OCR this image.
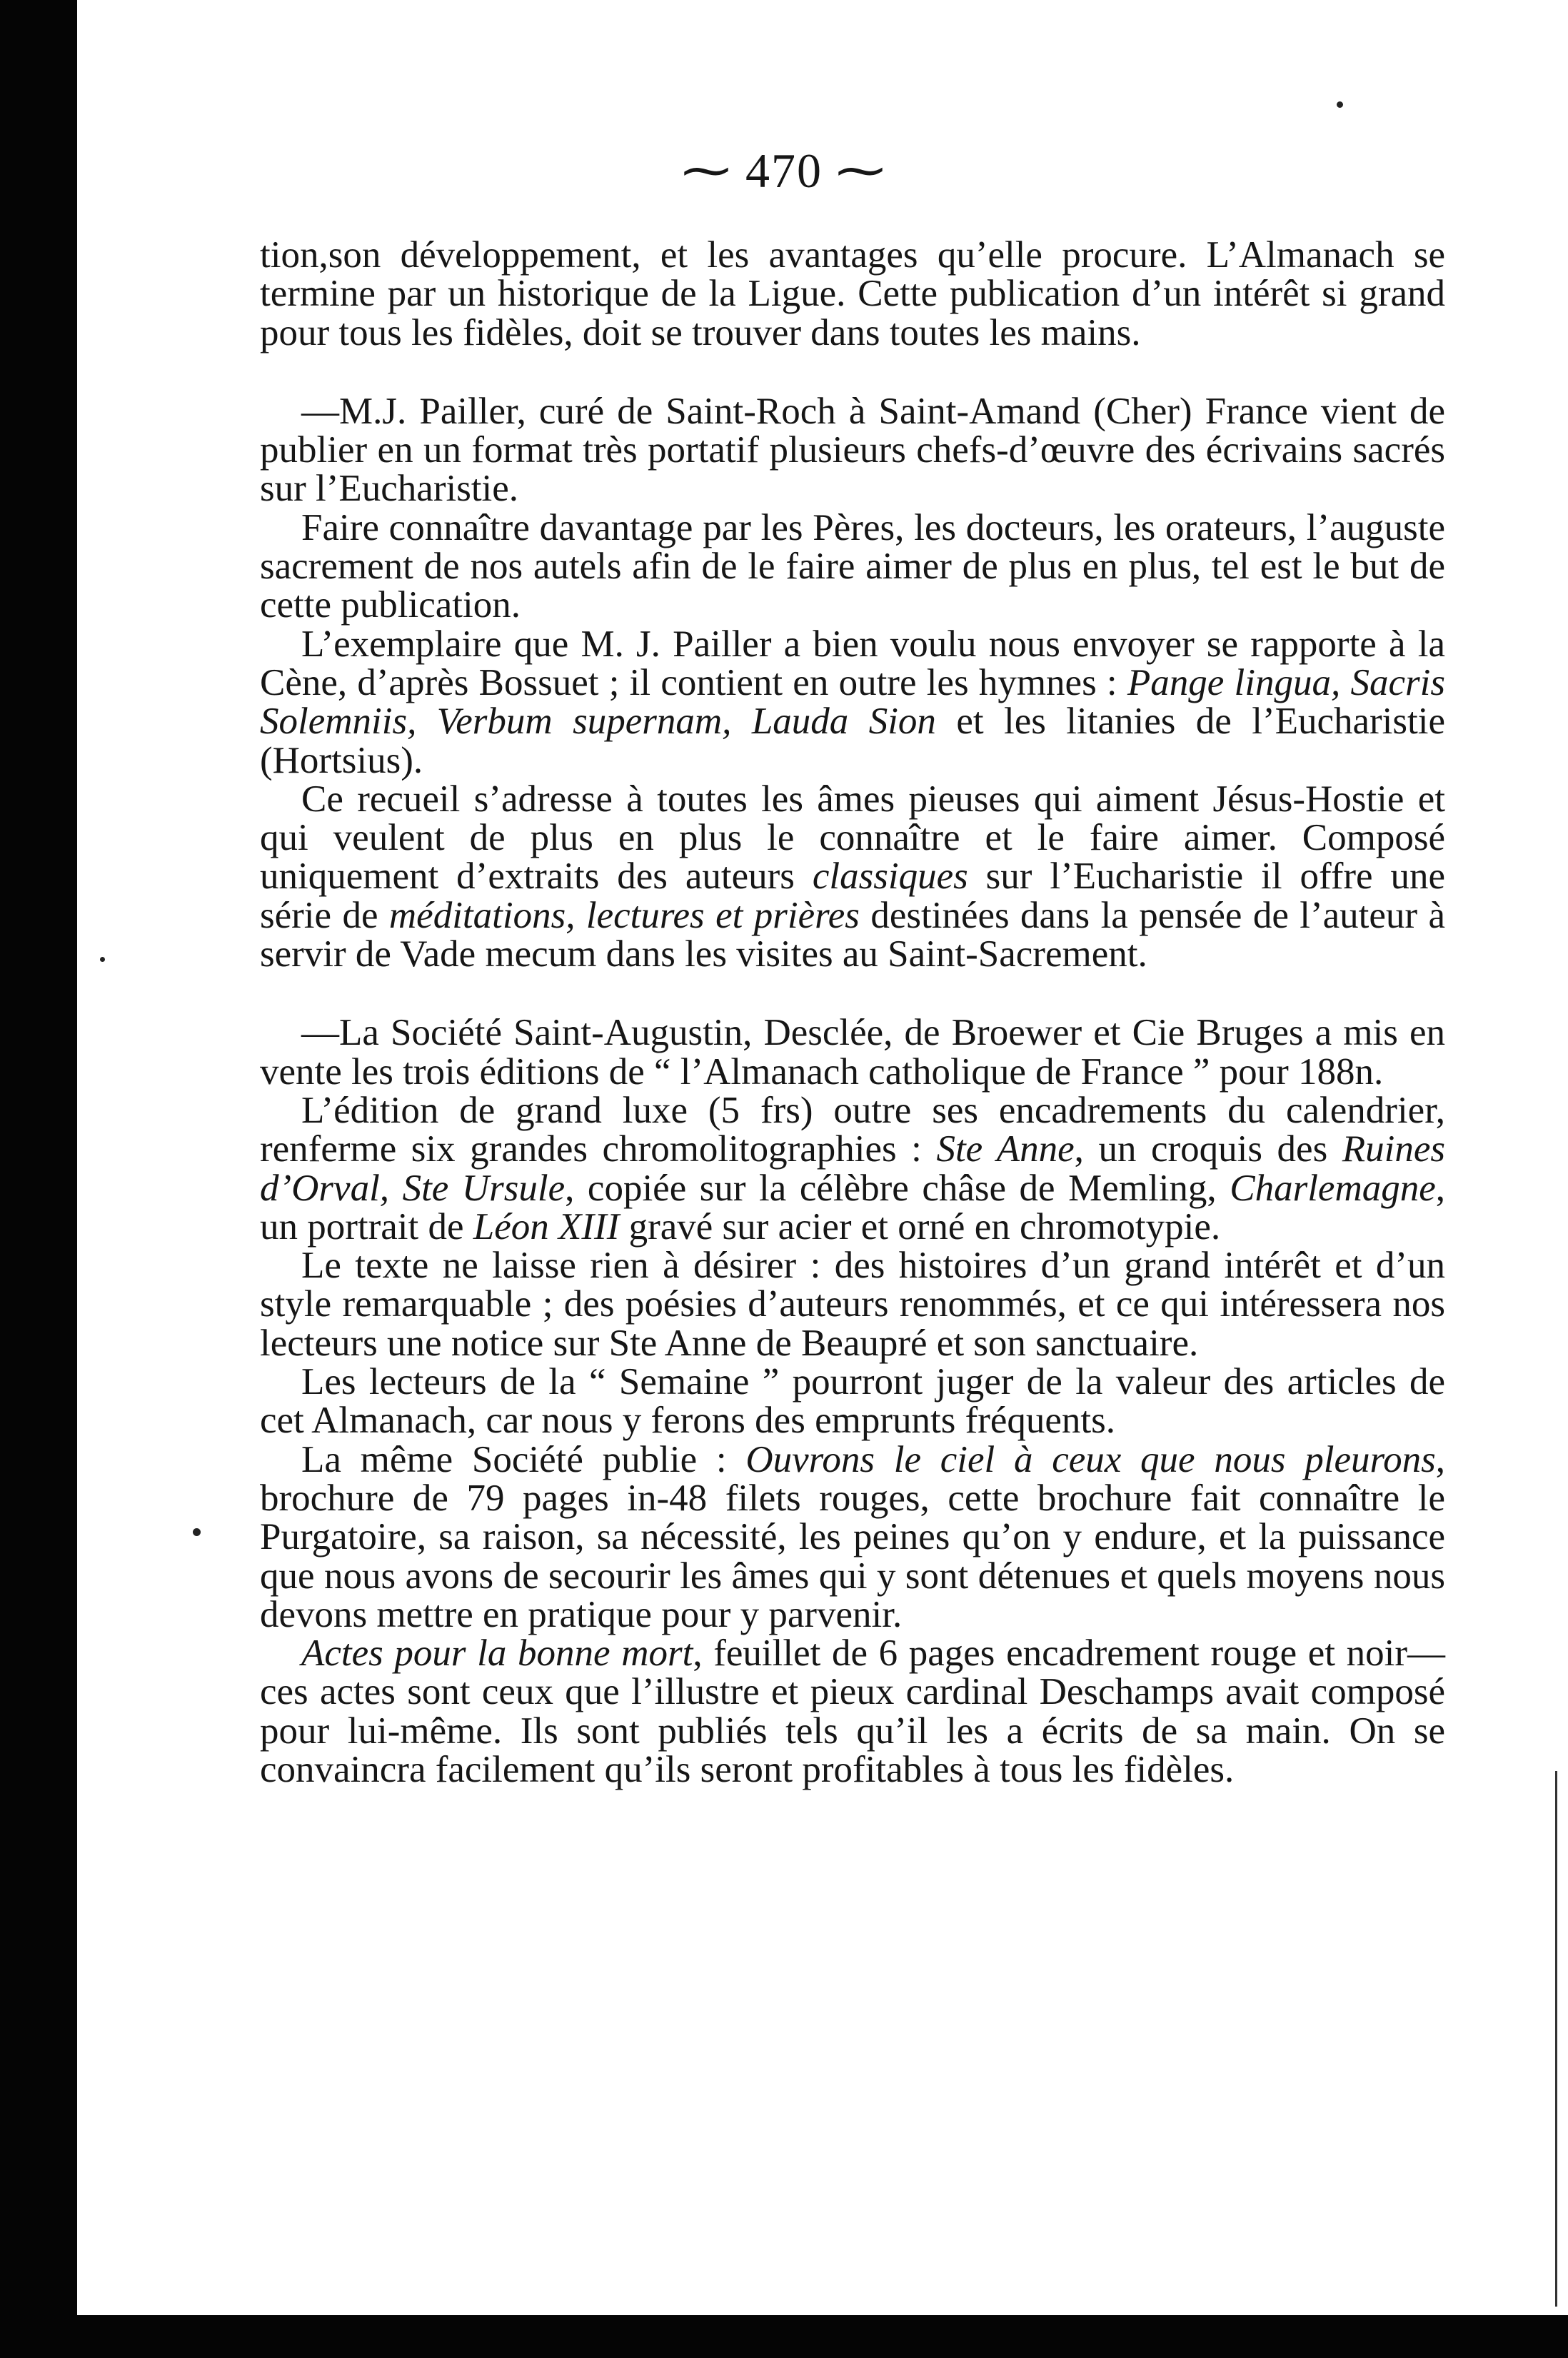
⁓ 470 ⁓

tion,son développement, et les avantages qu’elle procure. L’Almanach se termine par un historique de la Ligue. Cette publication d’un intérêt si grand pour tous les fidèles, doit se trouver dans toutes les mains.

—M.J. Pailler, curé de Saint-Roch à Saint-Amand (Cher) France vient de publier en un format très portatif plusieurs chefs-d’œuvre des écrivains sacrés sur l’Eucharistie.

Faire connaître davantage par les Pères, les docteurs, les orateurs, l’auguste sacrement de nos autels afin de le faire aimer de plus en plus, tel est le but de cette publication.

L’exemplaire que M. J. Pailler a bien voulu nous envoyer se rapporte à la Cène, d’après Bossuet ; il contient en outre les hymnes : Pange lingua, Sacris Solemniis, Verbum supernam, Lauda Sion et les litanies de l’Eucharistie (Hortsius).

Ce recueil s’adresse à toutes les âmes pieuses qui aiment Jésus-Hostie et qui veulent de plus en plus le connaître et le faire aimer. Composé uniquement d’extraits des auteurs classiques sur l’Eucharistie il offre une série de méditations, lectures et prières destinées dans la pensée de l’auteur à servir de Vade mecum dans les visites au Saint-Sacrement.

—La Société Saint-Augustin, Desclée, de Broewer et Cie Bruges a mis en vente les trois éditions de “ l’Almanach catholique de France ” pour 188n.

L’édition de grand luxe (5 frs) outre ses encadrements du calendrier, renferme six grandes chromolitographies : Ste Anne, un croquis des Ruines d’Orval, Ste Ursule, copiée sur la célèbre châse de Memling, Charlemagne, un portrait de Léon XIII gravé sur acier et orné en chromotypie.

Le texte ne laisse rien à désirer : des histoires d’un grand intérêt et d’un style remarquable ; des poésies d’auteurs renommés, et ce qui intéressera nos lecteurs une notice sur Ste Anne de Beaupré et son sanctuaire.

Les lecteurs de la “ Semaine ” pourront juger de la valeur des articles de cet Almanach, car nous y ferons des emprunts fréquents.

La même Société publie : Ouvrons le ciel à ceux que nous pleurons, brochure de 79 pages in-48 filets rouges, cette brochure fait connaître le Purgatoire, sa raison, sa nécessité, les peines qu’on y endure, et la puissance que nous avons de secourir les âmes qui y sont détenues et quels moyens nous devons mettre en pratique pour y parvenir.

Actes pour la bonne mort, feuillet de 6 pages encadrement rouge et noir—ces actes sont ceux que l’illustre et pieux cardinal Deschamps avait composé pour lui-même. Ils sont publiés tels qu’il les a écrits de sa main. On se convaincra facilement qu’ils seront profitables à tous les fidèles.
